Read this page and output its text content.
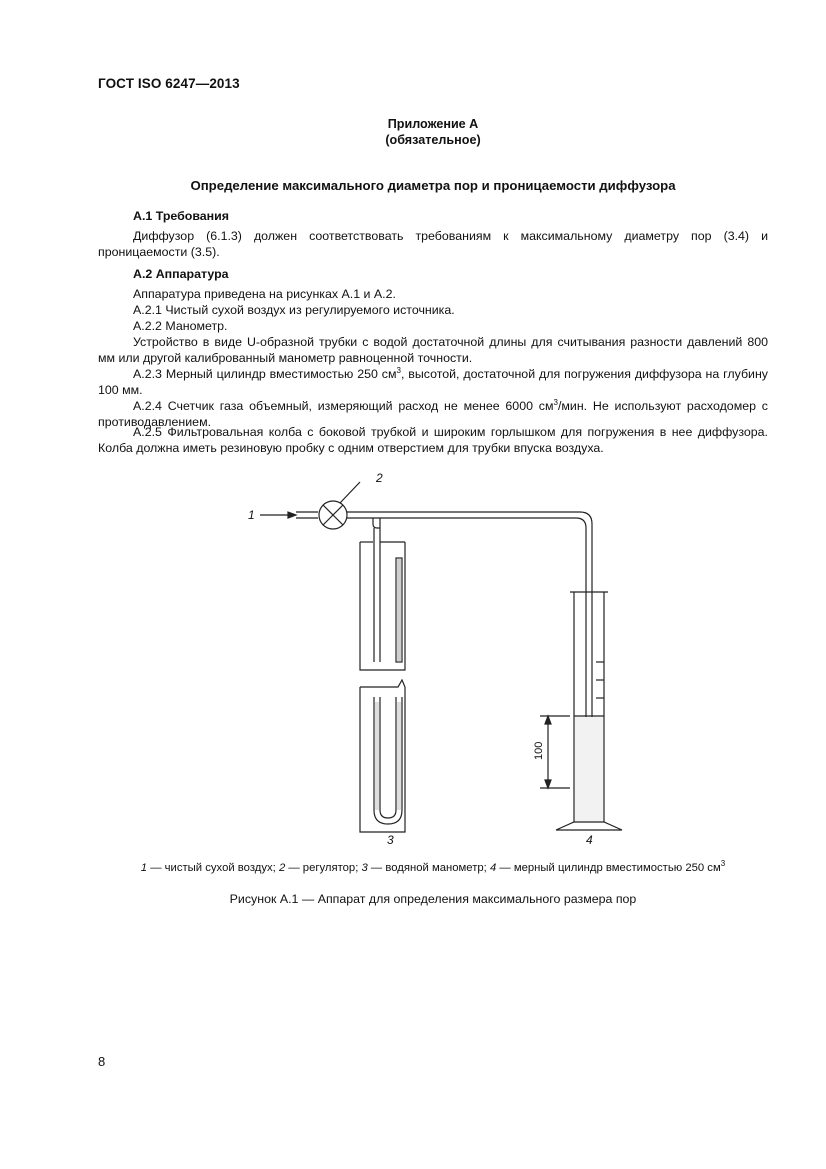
ГОСТ ISO 6247—2013
Приложение А
(обязательное)
Определение максимального диаметра пор и проницаемости диффузора
А.1 Требования
Диффузор (6.1.3) должен соответствовать требованиям к максимальному диаметру пор (3.4) и проницаемости (3.5).
А.2 Аппаратура
Аппаратура приведена на рисунках А.1 и А.2.
А.2.1 Чистый сухой воздух из регулируемого источника.
А.2.2 Манометр.
Устройство в виде U-образной трубки с водой достаточной длины для считывания разности давлений 800 мм или другой калиброванный манометр равноценной точности.
А.2.3 Мерный цилиндр вместимостью 250 $см^3$, высотой, достаточной для погружения диффузора на глубину 100 мм.
А.2.4 Счетчик газа объемный, измеряющий расход не менее 6000 $см^3$/мин. Не используют расходомер с противодавлением.
А.2.5 Фильтровальная колба с боковой трубкой и широким горлышком для погружения в нее диффузора. Колба должна иметь резиновую пробку с одним отверстием для трубки впуска воздуха.
1
2
3	4
100
1 — чистый сухой воздух; 2 — регулятор; 3 — водяной манометр; 4 — мерный цилиндр вместимостью 250 $см^3$
Рисунок А.1 — Аппарат для определения максимального размера пор
8
